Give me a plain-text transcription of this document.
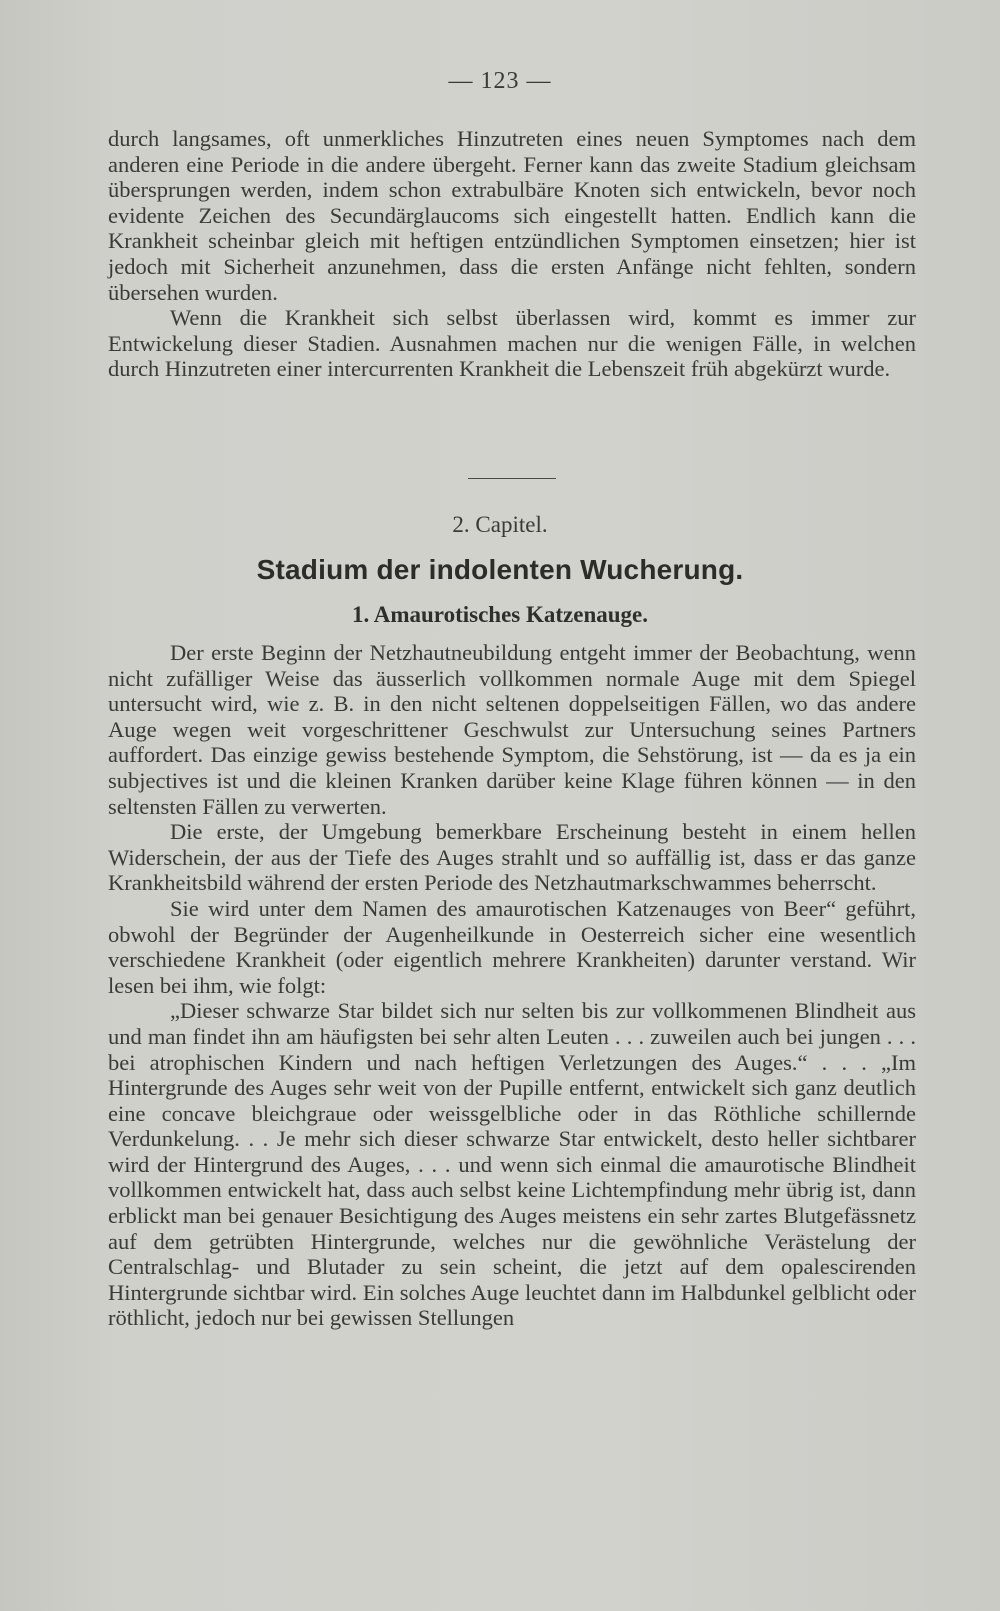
— 123 —

durch langsames, oft unmerkliches Hinzutreten eines neuen Symptomes nach dem anderen eine Periode in die andere übergeht. Ferner kann das zweite Stadium gleichsam übersprungen werden, indem schon extrabulbäre Knoten sich entwickeln, bevor noch evidente Zeichen des Secundärglaucoms sich eingestellt hatten. Endlich kann die Krankheit scheinbar gleich mit heftigen entzündlichen Symptomen einsetzen; hier ist jedoch mit Sicherheit anzunehmen, dass die ersten Anfänge nicht fehlten, sondern übersehen wurden.

Wenn die Krankheit sich selbst überlassen wird, kommt es immer zur Entwickelung dieser Stadien. Ausnahmen machen nur die wenigen Fälle, in welchen durch Hinzutreten einer intercurrenten Krankheit die Lebenszeit früh abgekürzt wurde.

2. Capitel.
Stadium der indolenten Wucherung.
1. Amaurotisches Katzenauge.

Der erste Beginn der Netzhautneubildung entgeht immer der Beobachtung, wenn nicht zufälliger Weise das äusserlich vollkommen normale Auge mit dem Spiegel untersucht wird, wie z. B. in den nicht seltenen doppelseitigen Fällen, wo das andere Auge wegen weit vorgeschrittener Geschwulst zur Untersuchung seines Partners auffordert. Das einzige gewiss bestehende Symptom, die Sehstörung, ist — da es ja ein subjectives ist und die kleinen Kranken darüber keine Klage führen können — in den seltensten Fällen zu verwerten.

Die erste, der Umgebung bemerkbare Erscheinung besteht in einem hellen Widerschein, der aus der Tiefe des Auges strahlt und so auffällig ist, dass er das ganze Krankheitsbild während der ersten Periode des Netzhautmarkschwammes beherrscht.

Sie wird unter dem Namen des amaurotischen Katzenauges von Beer“ geführt, obwohl der Begründer der Augenheilkunde in Oesterreich sicher eine wesentlich verschiedene Krankheit (oder eigentlich mehrere Krankheiten) darunter verstand. Wir lesen bei ihm, wie folgt:

„Dieser schwarze Star bildet sich nur selten bis zur vollkommenen Blindheit aus und man findet ihn am häufigsten bei sehr alten Leuten . . . zuweilen auch bei jungen . . . bei atrophischen Kindern und nach heftigen Verletzungen des Auges.“ . . . „Im Hintergrunde des Auges sehr weit von der Pupille entfernt, entwickelt sich ganz deutlich eine concave bleichgraue oder weissgelbliche oder in das Röthliche schillernde Verdunkelung. . . Je mehr sich dieser schwarze Star entwickelt, desto heller sichtbarer wird der Hintergrund des Auges, . . . und wenn sich einmal die amaurotische Blindheit vollkommen entwickelt hat, dass auch selbst keine Lichtempfindung mehr übrig ist, dann erblickt man bei genauer Besichtigung des Auges meistens ein sehr zartes Blutgefässnetz auf dem getrübten Hintergrunde, welches nur die gewöhnliche Verästelung der Centralschlag- und Blutader zu sein scheint, die jetzt auf dem opalescirenden Hintergrunde sichtbar wird. Ein solches Auge leuchtet dann im Halbdunkel gelblicht oder röthlicht, jedoch nur bei gewissen Stellungen
